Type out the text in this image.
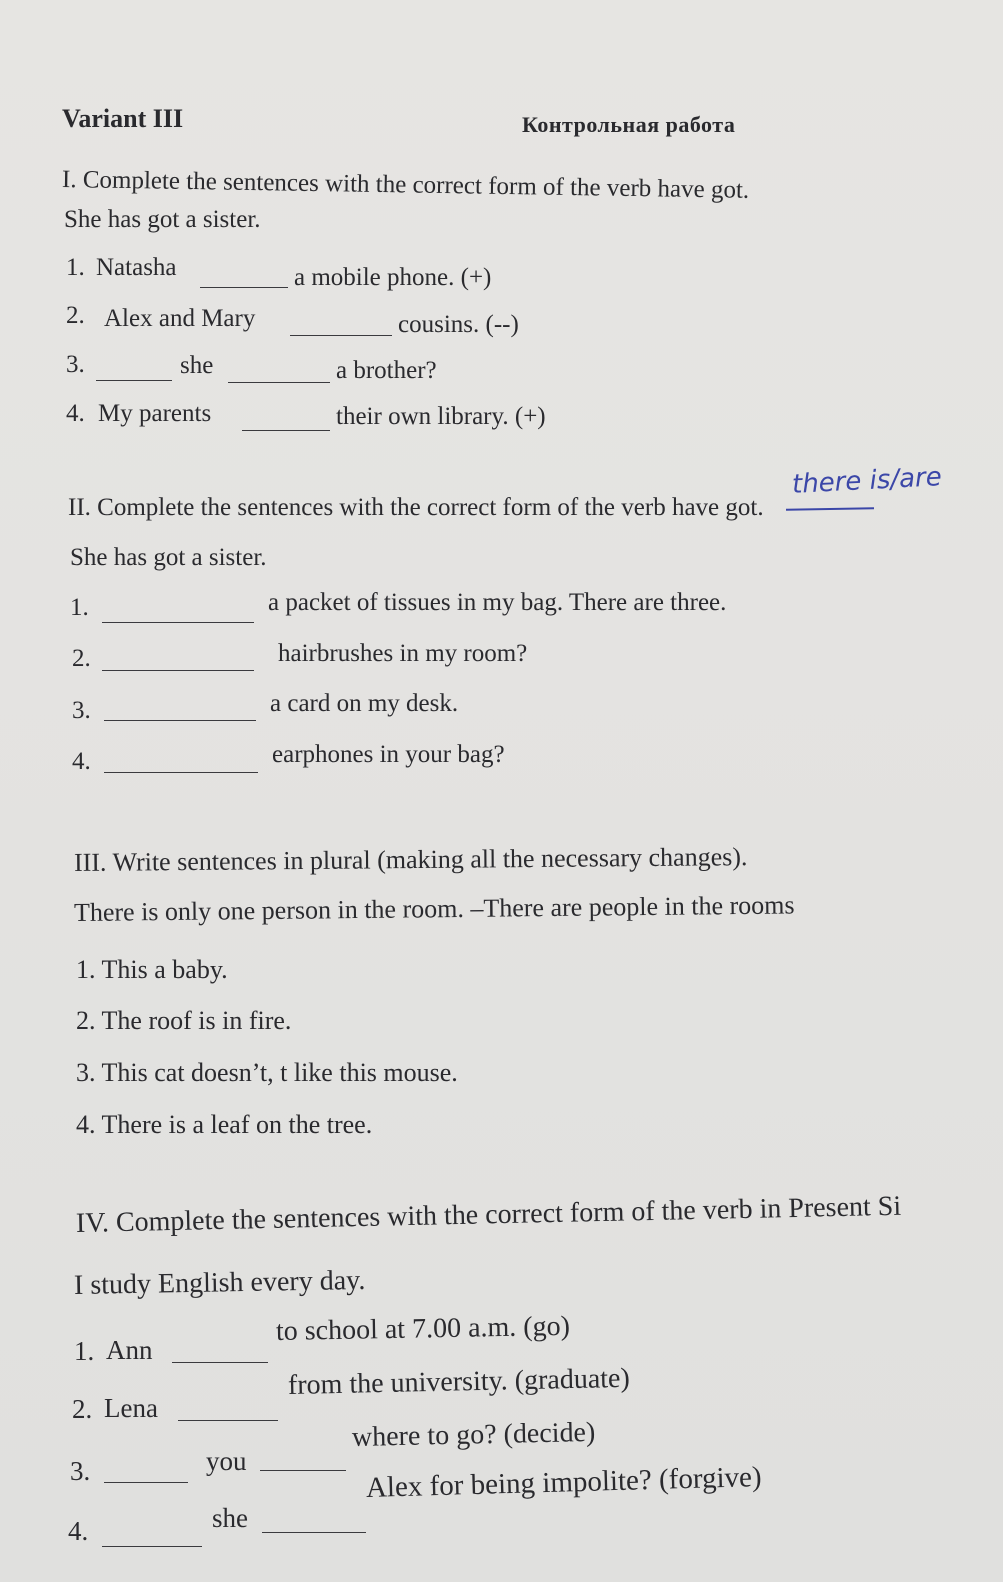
Variant III	Контрольная работа
I. Complete the sentences with the correct form of the verb have got.
She has got a sister.
1. Natasha	a mobile phone. (+)
2. Alex and Mary	cousins. (--)
3.	she	a brother?
4. My parents	their own library. (+)
II. Complete the sentences with the correct form of the verb have got.
there is/are
She has got a sister.
1.	a packet of tissues in my bag. There are three.
2.	hairbrushes in my room?
3.	a card on my desk.
4.	earphones in your bag?
III. Write sentences in plural (making all the necessary changes).
There is only one person in the room. –There are people in the rooms
1. This a baby.
2. The roof is in fire.
3. This cat doesn’t, t like this mouse.
4. There is a leaf on the tree.
IV. Complete the sentences with the correct form of the verb in Present Si
I study English every day.
1. Ann
to school at 7.00 a.m. (go)
2. Lena
from the university. (graduate)
3.	you
where to go? (decide)
4.	she
Alex for being impolite? (forgive)
